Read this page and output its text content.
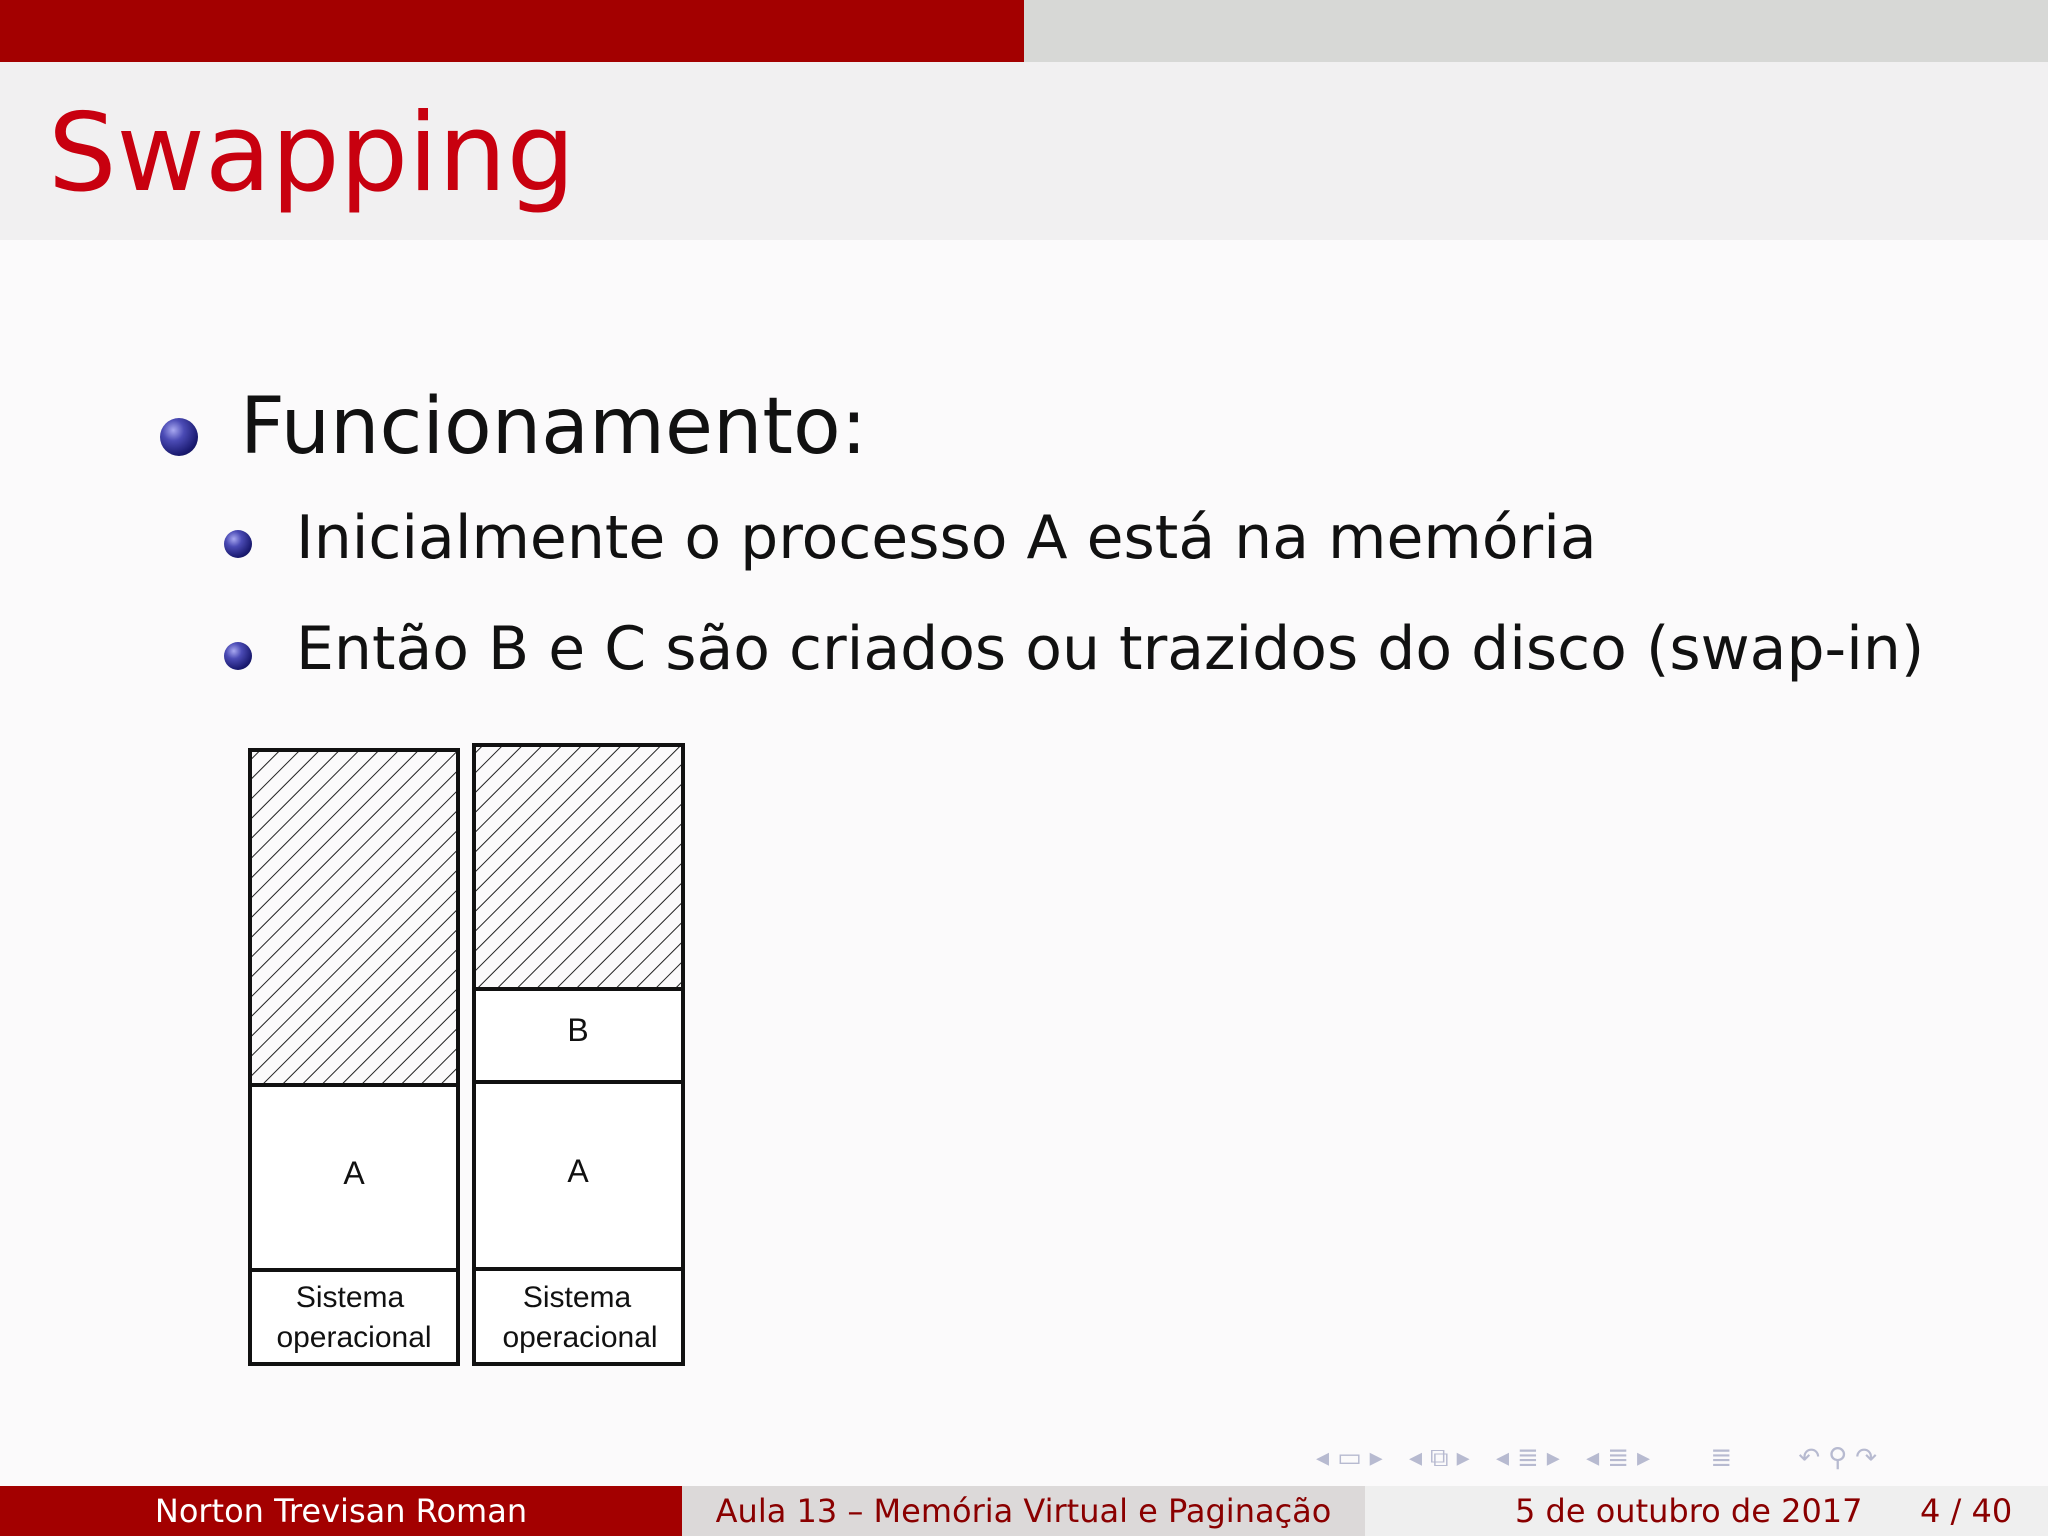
Swapping
Funcionamento:
Inicialmente o processo A está na memória
Então B e C são criados ou trazidos do disco (swap-in)
A
Sistema
operacional
B
A
Sistema
operacional
◂ ▭ ▸ ◂ ⧉ ▸ ◂ ≣ ▸ ◂ ≣ ▸ ≣	↶ ⚲ ↷
Norton Trevisan Roman	Aula 13 – Memória Virtual e Paginação	5 de outubro de 2017 4 / 40
